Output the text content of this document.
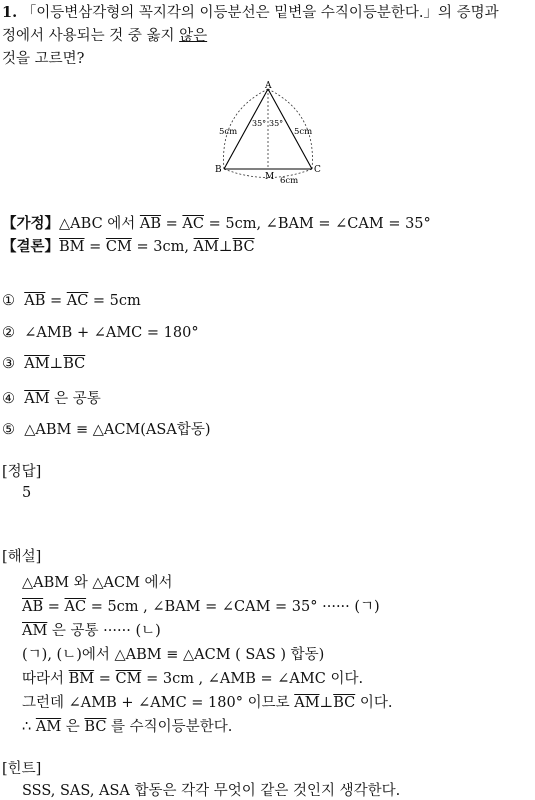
1. 「이등변삼각형의 꼭지각의 이등분선은 밑변을 수직이등분한다.」의 증명과
정에서 사용되는 것 중 옳지 않은
것을 고르면?
A
B	C
M
5cm	5cm
35° 35°
6cm
【가정】△ABC 에서 $\overline{AB} = \overline{AC} = 5cm$, ∠BAM = ∠CAM = 35°
【결론】$\overline{BM} = \overline{CM} = 3cm$, $\overline{AM}\perp\overline{BC}$
① $\overline{AB} = \overline{AC} = 5cm$
② ∠AMB + ∠AMC = 180°
③ $\overline{AM}\perp\overline{BC}$
④ $\overline{AM}$ 은 공통
⑤ △ABM ≡ △ACM(ASA합동)
[정답]
5
[해설]
△ABM 와 △ACM 에서
$\overline{AB} = \overline{AC} = 5cm$ , ∠BAM = ∠CAM = 35° ······ (ㄱ)
$\overline{AM}$ 은 공통 ······ (ㄴ)
(ㄱ), (ㄴ)에서 △ABM ≡ △ACM ( SAS ) 합동)
따라서 $\overline{BM} = \overline{CM} = 3cm$ , ∠AMB = ∠AMC 이다.
그런데 ∠AMB + ∠AMC = 180° 이므로 $\overline{AM}\perp\overline{BC}$ 이다.
∴ $\overline{AM}$ 은 $\overline{BC}$ 를 수직이등분한다.
[힌트]
SSS, SAS, ASA 합동은 각각 무엇이 같은 것인지 생각한다.
